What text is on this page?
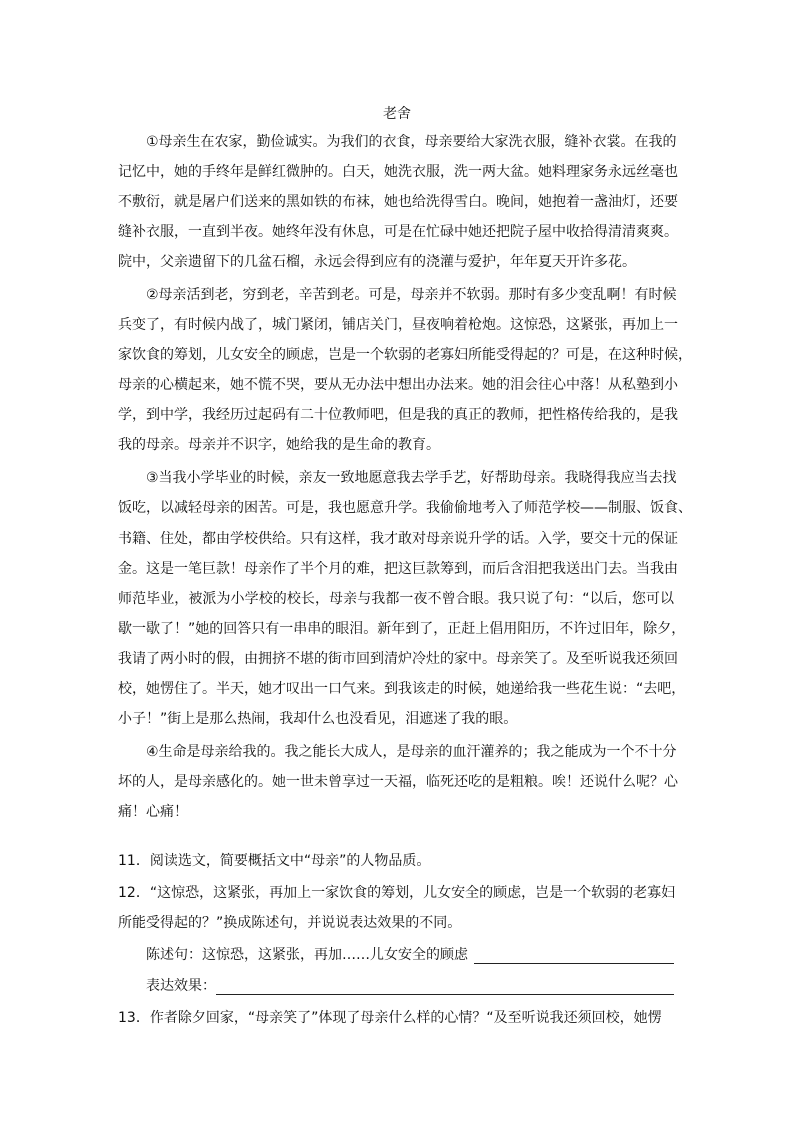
老舍
①母亲生在农家，勤俭诚实。为我们的衣食，母亲要给大家洗衣服，缝补衣裳。在我的
记忆中，她的手终年是鲜红微肿的。白天，她洗衣服，洗一两大盆。她料理家务永远丝毫也
不敷衍，就是屠户们送来的黑如铁的布袜，她也给洗得雪白。晚间，她抱着一盏油灯，还要
缝补衣服，一直到半夜。她终年没有休息，可是在忙碌中她还把院子屋中收拾得清清爽爽。
院中，父亲遗留下的几盆石榴，永远会得到应有的浇灌与爱护，年年夏天开许多花。
②母亲活到老，穷到老，辛苦到老。可是，母亲并不软弱。那时有多少变乱啊！有时候
兵变了，有时候内战了，城门紧闭，铺店关门，昼夜响着枪炮。这惊恐，这紧张，再加上一
家饮食的筹划，儿女安全的顾虑，岂是一个软弱的老寡妇所能受得起的？可是，在这种时候，
母亲的心横起来，她不慌不哭，要从无办法中想出办法来。她的泪会往心中落！从私塾到小
学，到中学，我经历过起码有二十位教师吧，但是我的真正的教师，把性格传给我的，是我
我的母亲。母亲并不识字，她给我的是生命的教育。
③当我小学毕业的时候，亲友一致地愿意我去学手艺，好帮助母亲。我晓得我应当去找
饭吃，以减轻母亲的困苦。可是，我也愿意升学。我偷偷地考入了师范学校——制服、饭食、
书籍、住处，都由学校供给。只有这样，我才敢对母亲说升学的话。入学，要交十元的保证
金。这是一笔巨款！母亲作了半个月的难，把这巨款筹到，而后含泪把我送出门去。当我由
师范毕业，被派为小学校的校长，母亲与我都一夜不曾合眼。我只说了句：“以后，您可以
歇一歇了！”她的回答只有一串串的眼泪。新年到了，正赶上倡用阳历，不许过旧年，除夕，
我请了两小时的假，由拥挤不堪的街市回到清炉冷灶的家中。母亲笑了。及至听说我还须回
校，她愣住了。半天，她才叹出一口气来。到我该走的时候，她递给我一些花生说：“去吧，
小子！”街上是那么热闹，我却什么也没看见，泪遮迷了我的眼。
④生命是母亲给我的。我之能长大成人，是母亲的血汗灌养的；我之能成为一个不十分
坏的人，是母亲感化的。她一世未曾享过一天福，临死还吃的是粗粮。唉！还说什么呢？心
痛！心痛！
11．阅读选文，简要概括文中“母亲”的人物品质。
12．“这惊恐，这紧张，再加上一家饮食的筹划，儿女安全的顾虑，岂是一个软弱的老寡妇
所能受得起的？”换成陈述句，并说说表达效果的不同。
陈述句：这惊恐，这紧张，再加……儿女安全的顾虑
表达效果：
13．作者除夕回家，“母亲笑了”体现了母亲什么样的心情？“及至听说我还须回校，她愣
